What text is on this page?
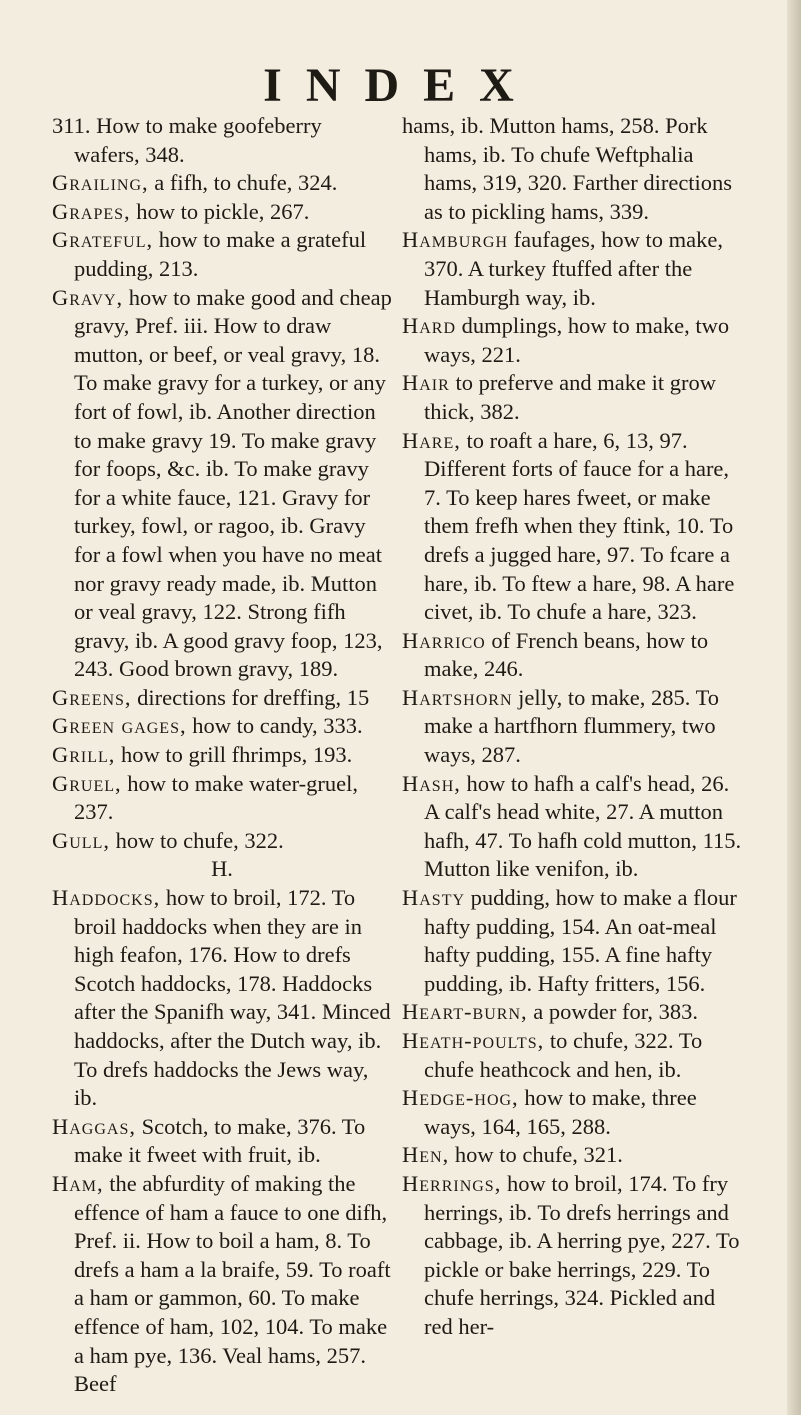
INDEX

311. How to make goofeberry wafers, 348.

Grailing, a fifh, to chufe, 324.

Grapes, how to pickle, 267.

Grateful, how to make a grateful pudding, 213.

Gravy, how to make good and cheap gravy, Pref. iii. How to draw mutton, or beef, or veal gravy, 18. To make gravy for a turkey, or any fort of fowl, ib. Another direction to make gravy 19. To make gravy for foops, &c. ib. To make gravy for a white fauce, 121. Gravy for turkey, fowl, or ragoo, ib. Gravy for a fowl when you have no meat nor gravy ready made, ib. Mutton or veal gravy, 122. Strong fifh gravy, ib. A good gravy foop, 123, 243. Good brown gravy, 189.

Greens, directions for dreffing, 15

Green gages, how to candy, 333.

Grill, how to grill fhrimps, 193.

Gruel, how to make water-gruel, 237.

Gull, how to chufe, 322.

H.

Haddocks, how to broil, 172. To broil haddocks when they are in high feafon, 176. How to drefs Scotch haddocks, 178. Haddocks after the Spanifh way, 341. Minced haddocks, after the Dutch way, ib. To drefs haddocks the Jews way, ib.

Haggas, Scotch, to make, 376. To make it fweet with fruit, ib.

Ham, the abfurdity of making the effence of ham a fauce to one difh, Pref. ii. How to boil a ham, 8. To drefs a ham a la braife, 59. To roaft a ham or gammon, 60. To make effence of ham, 102, 104. To make a ham pye, 136. Veal hams, 257. Beef

hams, ib. Mutton hams, 258. Pork hams, ib. To chufe Weftphalia hams, 319, 320. Farther directions as to pickling hams, 339.

Hamburgh faufages, how to make, 370. A turkey ftuffed after the Hamburgh way, ib.

Hard dumplings, how to make, two ways, 221.

Hair to preferve and make it grow thick, 382.

Hare, to roaft a hare, 6, 13, 97. Different forts of fauce for a hare, 7. To keep hares fweet, or make them frefh when they ftink, 10. To drefs a jugged hare, 97. To fcare a hare, ib. To ftew a hare, 98. A hare civet, ib. To chufe a hare, 323.

Harrico of French beans, how to make, 246.

Hartshorn jelly, to make, 285. To make a hartfhorn flummery, two ways, 287.

Hash, how to hafh a calf's head, 26. A calf's head white, 27. A mutton hafh, 47. To hafh cold mutton, 115. Mutton like venifon, ib.

Hasty pudding, how to make a flour hafty pudding, 154. An oat-meal hafty pudding, 155. A fine hafty pudding, ib. Hafty fritters, 156.

Heart-burn, a powder for, 383.

Heath-poults, to chufe, 322. To chufe heathcock and hen, ib.

Hedge-hog, how to make, three ways, 164, 165, 288.

Hen, how to chufe, 321.

Herrings, how to broil, 174. To fry herrings, ib. To drefs herrings and cabbage, ib. A herring pye, 227. To pickle or bake herrings, 229. To chufe herrings, 324. Pickled and red her-
